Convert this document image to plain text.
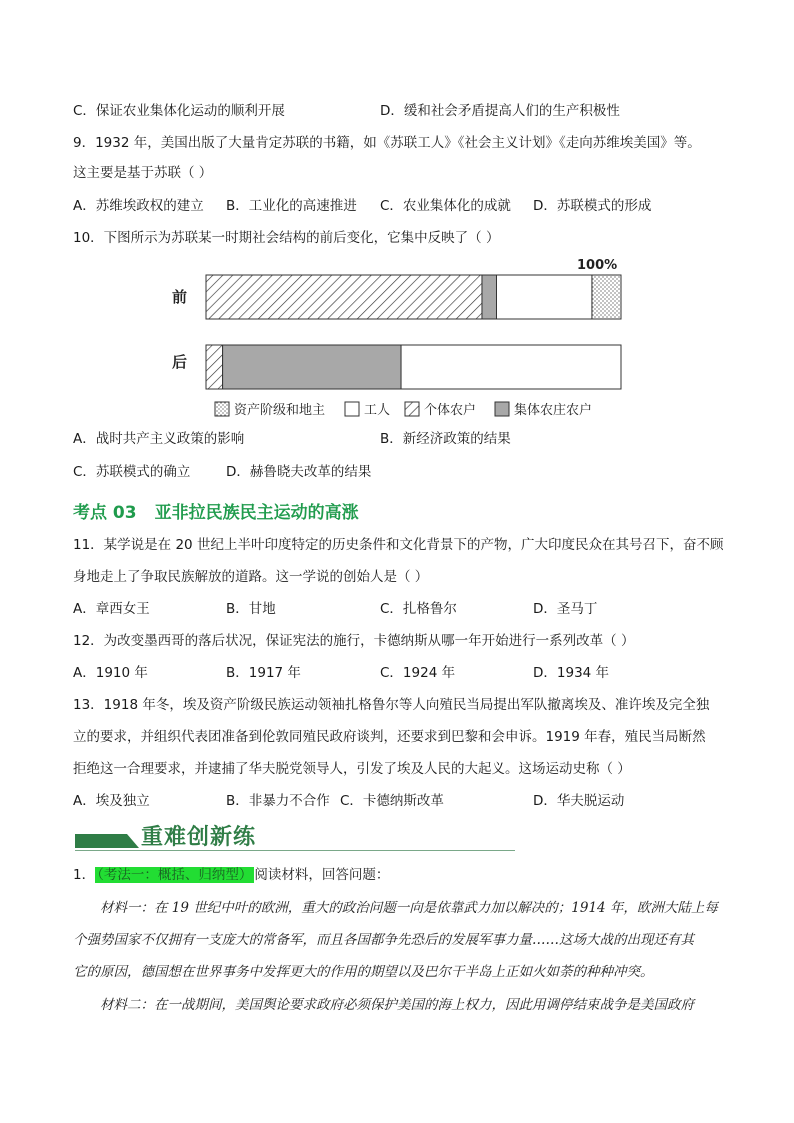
C．保证农业集体化运动的顺利开展	D．缓和社会矛盾提高人们的生产积极性
9．1932 年，美国出版了大量肯定苏联的书籍，如《苏联工人》《社会主义计划》《走向苏维埃美国》等。
这主要是基于苏联（ ）
A．苏维埃政权的建立 B．工业化的高速推进 C．农业集体化的成就 D．苏联模式的形成
10．下图所示为苏联某一时期社会结构的前后变化，它集中反映了（ ）
前
后
100%
资产阶级和地主	工人	个体农户	集体农庄农户
A．战时共产主义政策的影响	B．新经济政策的结果
C．苏联模式的确立	D．赫鲁晓夫改革的结果
考点 03 亚非拉民族民主运动的高涨
11．某学说是在 20 世纪上半叶印度特定的历史条件和文化背景下的产物，广大印度民众在其号召下，奋不顾
身地走上了争取民族解放的道路。这一学说的创始人是（ ）
A．章西女王	B．甘地	C．扎格鲁尔	D．圣马丁
12．为改变墨西哥的落后状况，保证宪法的施行，卡德纳斯从哪一年开始进行一系列改革（ ）
A．1910 年	B．1917 年	C．1924 年	D．1934 年
13．1918 年冬，埃及资产阶级民族运动领袖扎格鲁尔等人向殖民当局提出军队撤离埃及、准许埃及完全独
立的要求，并组织代表团准备到伦敦同殖民政府谈判，还要求到巴黎和会申诉。1919 年春，殖民当局断然
拒绝这一合理要求，并逮捕了华夫脱党领导人，引发了埃及人民的大起义。这场运动史称（ ）
A．埃及独立	B．非暴力不合作 C．卡德纳斯改革	D．华夫脱运动
重难创新练
1． （考法一：概括、归纳型） 阅读材料，回答问题：
材料一：在 19 世纪中叶的欧洲，重大的政治问题一向是依靠武力加以解决的；1914 年，欧洲大陆上每
个强势国家不仅拥有一支庞大的常备军，而且各国都争先恐后的发展军事力量……这场大战的出现还有其
它的原因，德国想在世界事务中发挥更大的作用的期望以及巴尔干半岛上正如火如荼的种种冲突。
材料二：在一战期间，美国舆论要求政府必须保护美国的海上权力，因此用调停结束战争是美国政府
